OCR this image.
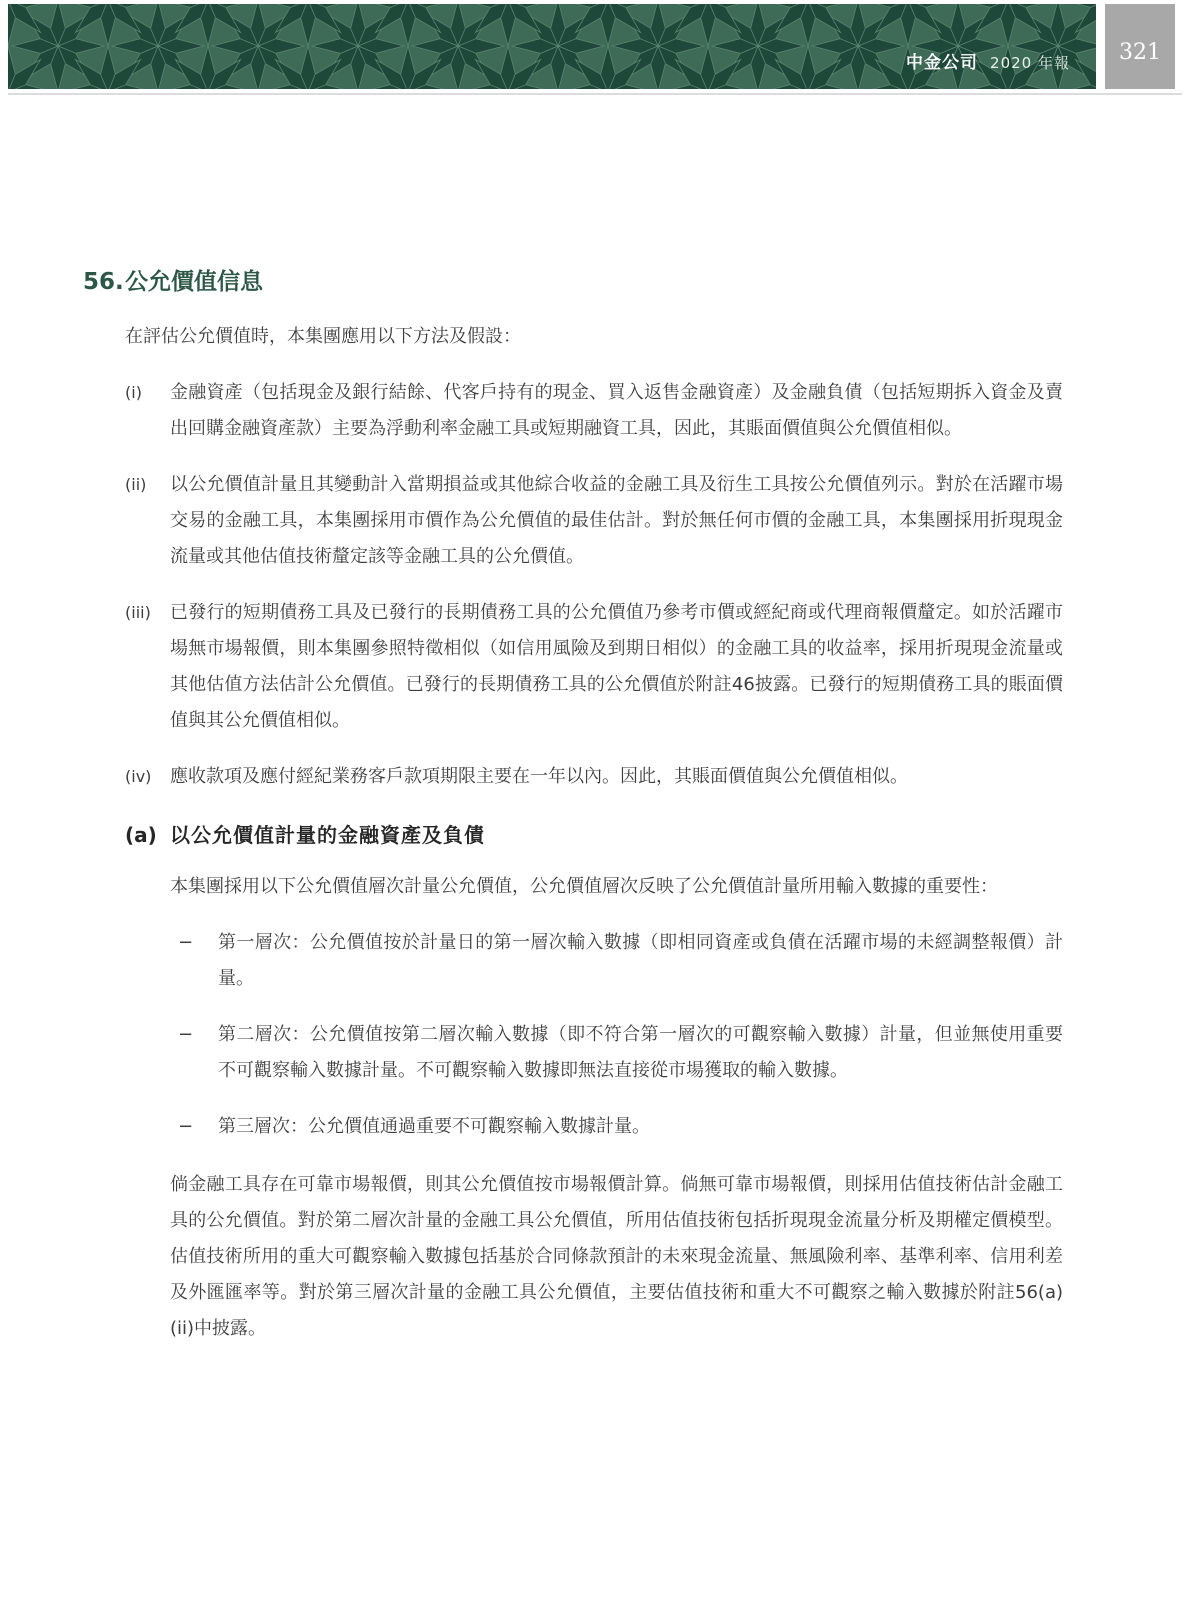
中金公司 2020 年報 321
56. 公允價值信息
在評估公允價值時，本集團應用以下方法及假設：
(i)	金融資產（包括現金及銀行結餘、代客戶持有的現金、買入返售金融資產）及金融負債（包括短期拆入資金及賣出回購金融資產款）主要為浮動利率金融工具或短期融資工具，因此，其賬面價值與公允價值相似。
(ii)	以公允價值計量且其變動計入當期損益或其他綜合收益的金融工具及衍生工具按公允價值列示。對於在活躍市場交易的金融工具，本集團採用市價作為公允價值的最佳估計。對於無任何市價的金融工具，本集團採用折現現金流量或其他估值技術釐定該等金融工具的公允價值。
(iii)	已發行的短期債務工具及已發行的長期債務工具的公允價值乃參考市價或經紀商或代理商報價釐定。如於活躍市場無市場報價，則本集團參照特徵相似（如信用風險及到期日相似）的金融工具的收益率，採用折現現金流量或其他估值方法估計公允價值。已發行的長期債務工具的公允價值於附註46披露。已發行的短期債務工具的賬面價值與其公允價值相似。
(iv)	應收款項及應付經紀業務客戶款項期限主要在一年以內。因此，其賬面價值與公允價值相似。
(a) 以公允價值計量的金融資產及負債
本集團採用以下公允價值層次計量公允價值，公允價值層次反映了公允價值計量所用輸入數據的重要性：
−	第一層次：公允價值按於計量日的第一層次輸入數據（即相同資產或負債在活躍市場的未經調整報價）計量。
−	第二層次：公允價值按第二層次輸入數據（即不符合第一層次的可觀察輸入數據）計量，但並無使用重要不可觀察輸入數據計量。不可觀察輸入數據即無法直接從市場獲取的輸入數據。
−	第三層次：公允價值通過重要不可觀察輸入數據計量。
倘金融工具存在可靠市場報價，則其公允價值按市場報價計算。倘無可靠市場報價，則採用估值技術估計金融工具的公允價值。對於第二層次計量的金融工具公允價值，所用估值技術包括折現現金流量分析及期權定價模型。估值技術所用的重大可觀察輸入數據包括基於合同條款預計的未來現金流量、無風險利率、基準利率、信用利差及外匯匯率等。對於第三層次計量的金融工具公允價值，主要估值技術和重大不可觀察之輸入數據於附註56(a)(ii)中披露。
